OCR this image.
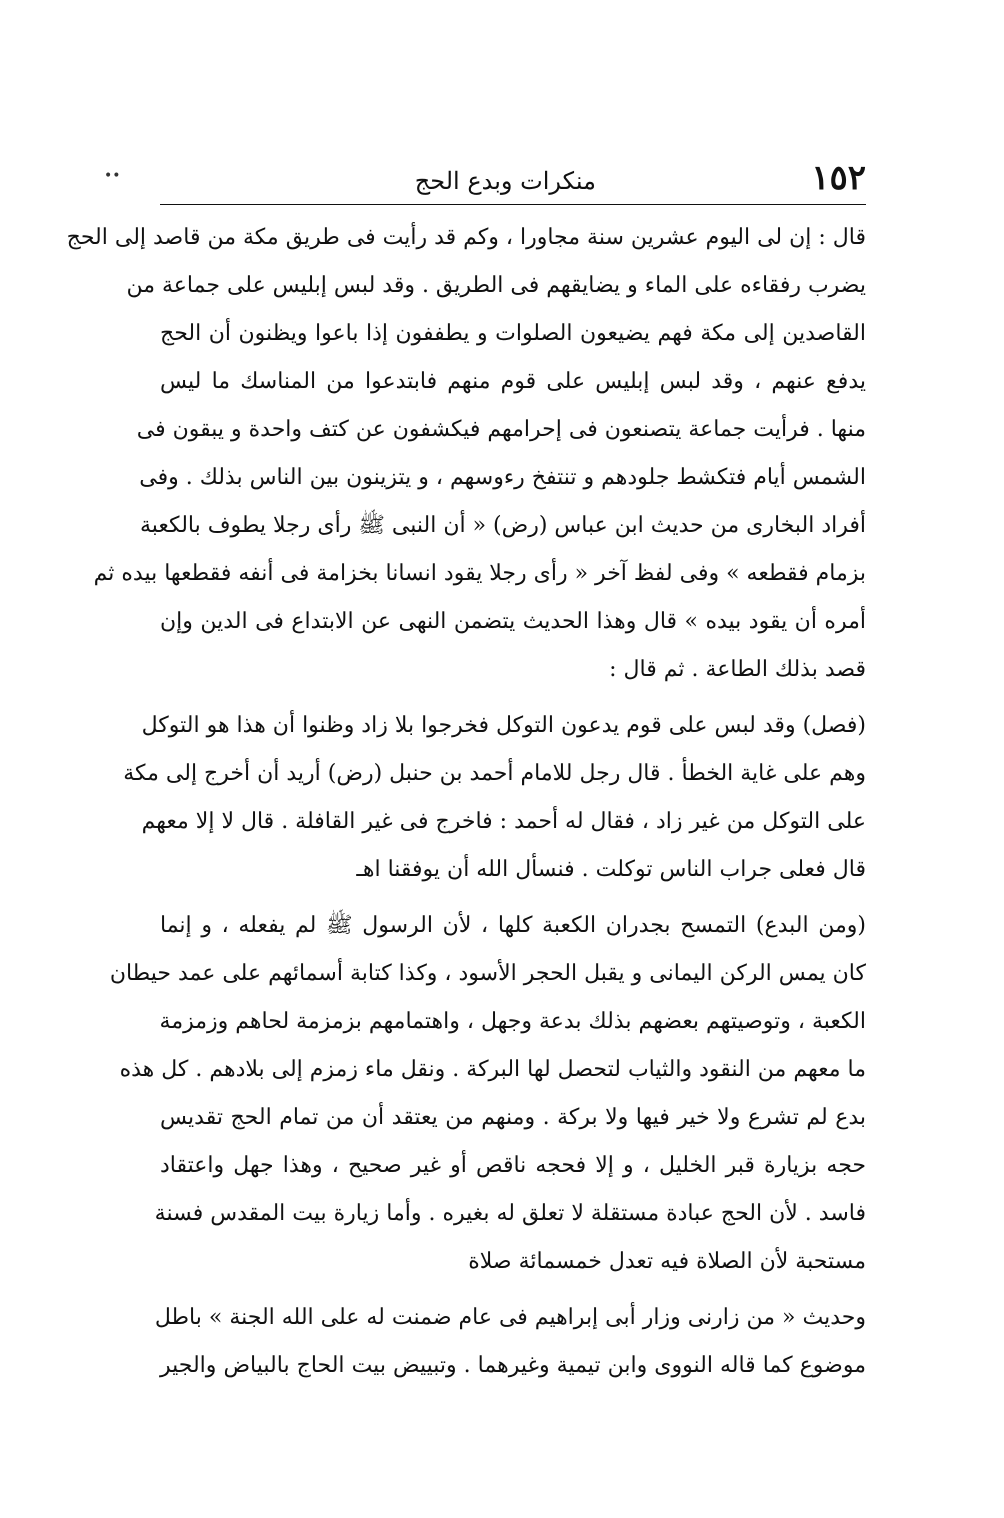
••	١٥٢
منكرات وبدع الحج
قال : إن لى اليوم عشرين سنة مجاورا ، وكم قد رأيت فى طريق مكة من قاصد إلى الحج
يضرب رفقاءه على الماء و يضايقهم فى الطريق . وقد لبس إبليس على جماعة من
القاصدين إلى مكة فهم يضيعون الصلوات و يطففون إذا باعوا ويظنون أن الحج
يدفع عنهم ، وقد لبس إبليس على قوم منهم فابتدعوا من المناسك ما ليس
منها . فرأيت جماعة يتصنعون فى إحرامهم فيكشفون عن كتف واحدة و يبقون فى
الشمس أيام فتكشط جلودهم و تنتفخ رءوسهم ، و يتزينون بين الناس بذلك . وفى
أفراد البخارى من حديث ابن عباس (رض) « أن النبى ﷺ رأى رجلا يطوف بالكعبة
بزمام فقطعه » وفى لفظ آخر « رأى رجلا يقود انسانا بخزامة فى أنفه فقطعها بيده ثم
أمره أن يقود بيده » قال وهذا الحديث يتضمن النهى عن الابتداع فى الدين وإن
قصد بذلك الطاعة . ثم قال :
(فصل) وقد لبس على قوم يدعون التوكل فخرجوا بلا زاد وظنوا أن هذا هو التوكل
وهم على غاية الخطأ . قال رجل للامام أحمد بن حنبل (رض) أريد أن أخرج إلى مكة
على التوكل من غير زاد ، فقال له أحمد : فاخرج فى غير القافلة . قال لا إلا معهم
قال فعلى جراب الناس توكلت . فنسأل الله أن يوفقنا اهـ
(ومن البدع) التمسح بجدران الكعبة كلها ، لأن الرسول ﷺ لم يفعله ، و إنما
كان يمس الركن اليمانى و يقبل الحجر الأسود ، وكذا كتابة أسمائهم على عمد حيطان
الكعبة ، وتوصيتهم بعضهم بذلك بدعة وجهل ، واهتمامهم بزمزمة لحاهم وزمزمة
ما معهم من النقود والثياب لتحصل لها البركة . ونقل ماء زمزم إلى بلادهم . كل هذه
بدع لم تشرع ولا خير فيها ولا بركة . ومنهم من يعتقد أن من تمام الحج تقديس
حجه بزيارة قبر الخليل ، و إلا فحجه ناقص أو غير صحيح ، وهذا جهل واعتقاد
فاسد . لأن الحج عبادة مستقلة لا تعلق له بغيره . وأما زيارة بيت المقدس فسنة
مستحبة لأن الصلاة فيه تعدل خمسمائة صلاة
وحديث « من زارنى وزار أبى إبراهيم فى عام ضمنت له على الله الجنة » باطل
موضوع كما قاله النووى وابن تيمية وغيرهما . وتبييض بيت الحاج بالبياض والجير
